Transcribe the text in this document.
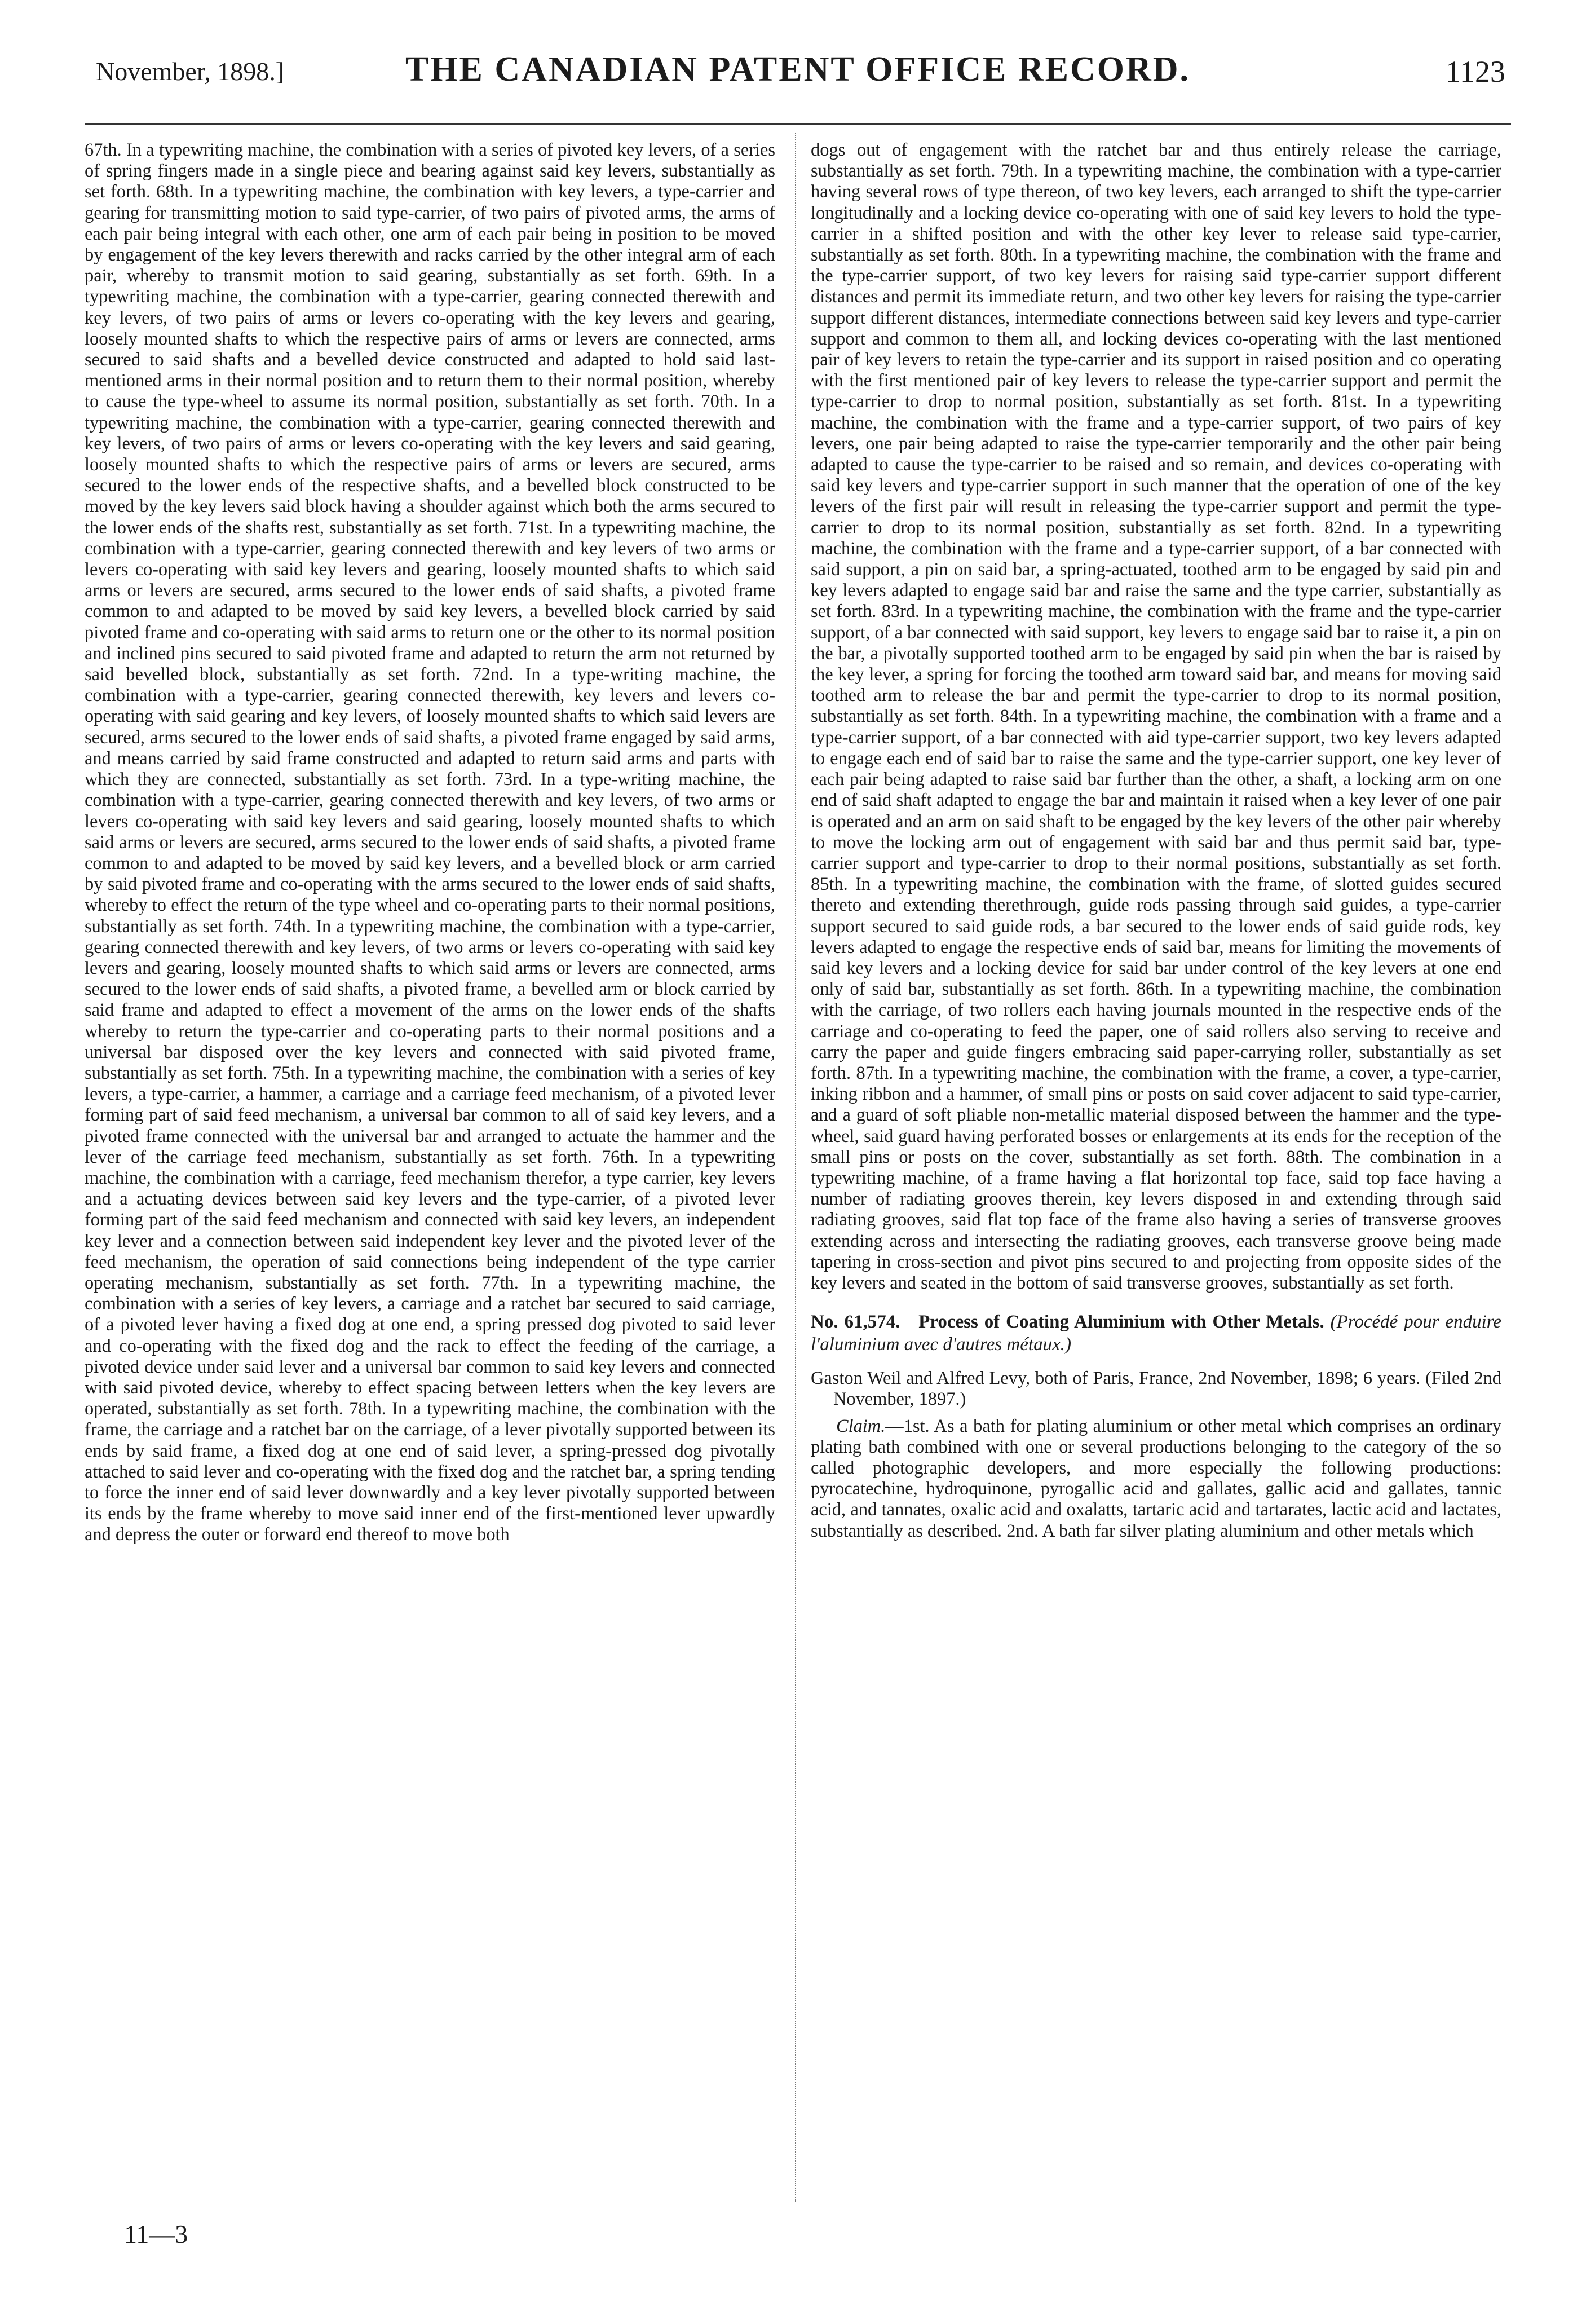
November, 1898.]	THE CANADIAN PATENT OFFICE RECORD.	1123

67th. In a typewriting machine, the combination with a series of pivoted key levers, of a series of spring fingers made in a single piece and bearing against said key levers, substantially as set forth. 68th. In a typewriting machine, the combination with key levers, a type-carrier and gearing for transmitting motion to said type-carrier, of two pairs of pivoted arms, the arms of each pair being integral with each other, one arm of each pair being in position to be moved by engagement of the key levers therewith and racks carried by the other integral arm of each pair, whereby to transmit motion to said gearing, substantially as set forth. 69th. In a typewriting machine, the combination with a type-carrier, gearing connected therewith and key levers, of two pairs of arms or levers co-operating with the key levers and gearing, loosely mounted shafts to which the respective pairs of arms or levers are connected, arms secured to said shafts and a bevelled device constructed and adapted to hold said last-mentioned arms in their normal position and to return them to their normal position, whereby to cause the type-wheel to assume its normal position, substantially as set forth. 70th. In a typewriting machine, the combination with a type-carrier, gearing connected therewith and key levers, of two pairs of arms or levers co-operating with the key levers and said gearing, loosely mounted shafts to which the respective pairs of arms or levers are secured, arms secured to the lower ends of the respective shafts, and a bevelled block constructed to be moved by the key levers said block having a shoulder against which both the arms secured to the lower ends of the shafts rest, substantially as set forth. 71st. In a typewriting machine, the combination with a type-carrier, gearing connected therewith and key levers of two arms or levers co-operating with said key levers and gearing, loosely mounted shafts to which said arms or levers are secured, arms secured to the lower ends of said shafts, a pivoted frame common to and adapted to be moved by said key levers, a bevelled block carried by said pivoted frame and co-operating with said arms to return one or the other to its normal position and inclined pins secured to said pivoted frame and adapted to return the arm not returned by said bevelled block, substantially as set forth. 72nd. In a type-writing machine, the combination with a type-carrier, gearing connected therewith, key levers and levers co-operating with said gearing and key levers, of loosely mounted shafts to which said levers are secured, arms secured to the lower ends of said shafts, a pivoted frame engaged by said arms, and means carried by said frame constructed and adapted to return said arms and parts with which they are connected, substantially as set forth. 73rd. In a type-writing machine, the combination with a type-carrier, gearing connected therewith and key levers, of two arms or levers co-operating with said key levers and said gearing, loosely mounted shafts to which said arms or levers are secured, arms secured to the lower ends of said shafts, a pivoted frame common to and adapted to be moved by said key levers, and a bevelled block or arm carried by said pivoted frame and co-operating with the arms secured to the lower ends of said shafts, whereby to effect the return of the type wheel and co-operating parts to their normal positions, substantially as set forth. 74th. In a typewriting machine, the combination with a type-carrier, gearing connected therewith and key levers, of two arms or levers co-operating with said key levers and gearing, loosely mounted shafts to which said arms or levers are connected, arms secured to the lower ends of said shafts, a pivoted frame, a bevelled arm or block carried by said frame and adapted to effect a movement of the arms on the lower ends of the shafts whereby to return the type-carrier and co-operating parts to their normal positions and a universal bar disposed over the key levers and connected with said pivoted frame, substantially as set forth. 75th. In a typewriting machine, the combination with a series of key levers, a type-carrier, a hammer, a carriage and a carriage feed mechanism, of a pivoted lever forming part of said feed mechanism, a universal bar common to all of said key levers, and a pivoted frame connected with the universal bar and arranged to actuate the hammer and the lever of the carriage feed mechanism, substantially as set forth. 76th. In a typewriting machine, the combination with a carriage, feed mechanism therefor, a type carrier, key levers and a actuating devices between said key levers and the type-carrier, of a pivoted lever forming part of the said feed mechanism and connected with said key levers, an independent key lever and a connection between said independent key lever and the pivoted lever of the feed mechanism, the operation of said connections being independent of the type carrier operating mechanism, substantially as set forth. 77th. In a typewriting machine, the combination with a series of key levers, a carriage and a ratchet bar secured to said carriage, of a pivoted lever having a fixed dog at one end, a spring pressed dog pivoted to said lever and co-operating with the fixed dog and the rack to effect the feeding of the carriage, a pivoted device under said lever and a universal bar common to said key levers and connected with said pivoted device, whereby to effect spacing between letters when the key levers are operated, substantially as set forth. 78th. In a typewriting machine, the combination with the frame, the carriage and a ratchet bar on the carriage, of a lever pivotally supported between its ends by said frame, a fixed dog at one end of said lever, a spring-pressed dog pivotally attached to said lever and co-operating with the fixed dog and the ratchet bar, a spring tending to force the inner end of said lever downwardly and a key lever pivotally supported between its ends by the frame whereby to move said inner end of the first-mentioned lever upwardly and depress the outer or forward end thereof to move both

dogs out of engagement with the ratchet bar and thus entirely release the carriage, substantially as set forth. 79th. In a typewriting machine, the combination with a type-carrier having several rows of type thereon, of two key levers, each arranged to shift the type-carrier longitudinally and a locking device co-operating with one of said key levers to hold the type-carrier in a shifted position and with the other key lever to release said type-carrier, substantially as set forth. 80th. In a typewriting machine, the combination with the frame and the type-carrier support, of two key levers for raising said type-carrier support different distances and permit its immediate return, and two other key levers for raising the type-carrier support different distances, intermediate connections between said key levers and type-carrier support and common to them all, and locking devices co-operating with the last mentioned pair of key levers to retain the type-carrier and its support in raised position and co operating with the first mentioned pair of key levers to release the type-carrier support and permit the type-carrier to drop to normal position, substantially as set forth. 81st. In a typewriting machine, the combination with the frame and a type-carrier support, of two pairs of key levers, one pair being adapted to raise the type-carrier temporarily and the other pair being adapted to cause the type-carrier to be raised and so remain, and devices co-operating with said key levers and type-carrier support in such manner that the operation of one of the key levers of the first pair will result in releasing the type-carrier support and permit the type-carrier to drop to its normal position, substantially as set forth. 82nd. In a typewriting machine, the combination with the frame and a type-carrier support, of a bar connected with said support, a pin on said bar, a spring-actuated, toothed arm to be engaged by said pin and key levers adapted to engage said bar and raise the same and the type carrier, substantially as set forth. 83rd. In a typewriting machine, the combination with the frame and the type-carrier support, of a bar connected with said support, key levers to engage said bar to raise it, a pin on the bar, a pivotally supported toothed arm to be engaged by said pin when the bar is raised by the key lever, a spring for forcing the toothed arm toward said bar, and means for moving said toothed arm to release the bar and permit the type-carrier to drop to its normal position, substantially as set forth. 84th. In a typewriting machine, the combination with a frame and a type-carrier support, of a bar connected with aid type-carrier support, two key levers adapted to engage each end of said bar to raise the same and the type-carrier support, one key lever of each pair being adapted to raise said bar further than the other, a shaft, a locking arm on one end of said shaft adapted to engage the bar and maintain it raised when a key lever of one pair is operated and an arm on said shaft to be engaged by the key levers of the other pair whereby to move the locking arm out of engagement with said bar and thus permit said bar, type-carrier support and type-carrier to drop to their normal positions, substantially as set forth. 85th. In a typewriting machine, the combination with the frame, of slotted guides secured thereto and extending therethrough, guide rods passing through said guides, a type-carrier support secured to said guide rods, a bar secured to the lower ends of said guide rods, key levers adapted to engage the respective ends of said bar, means for limiting the movements of said key levers and a locking device for said bar under control of the key levers at one end only of said bar, substantially as set forth. 86th. In a typewriting machine, the combination with the carriage, of two rollers each having journals mounted in the respective ends of the carriage and co-operating to feed the paper, one of said rollers also serving to receive and carry the paper and guide fingers embracing said paper-carrying roller, substantially as set forth. 87th. In a typewriting machine, the combination with the frame, a cover, a type-carrier, inking ribbon and a hammer, of small pins or posts on said cover adjacent to said type-carrier, and a guard of soft pliable non-metallic material disposed between the hammer and the type-wheel, said guard having perforated bosses or enlargements at its ends for the reception of the small pins or posts on the cover, substantially as set forth. 88th. The combination in a typewriting machine, of a frame having a flat horizontal top face, said top face having a number of radiating grooves therein, key levers disposed in and extending through said radiating grooves, said flat top face of the frame also having a series of transverse grooves extending across and intersecting the radiating grooves, each transverse groove being made tapering in cross-section and pivot pins secured to and projecting from opposite sides of the key levers and seated in the bottom of said transverse grooves, substantially as set forth.

No. 61,574. Process of Coating Aluminium with Other Metals. (Procédé pour enduire l'aluminium avec d'autres métaux.)

Gaston Weil and Alfred Levy, both of Paris, France, 2nd November, 1898; 6 years. (Filed 2nd November, 1897.)

Claim.—1st. As a bath for plating aluminium or other metal which comprises an ordinary plating bath combined with one or several productions belonging to the category of the so called photographic developers, and more especially the following productions: pyrocatechine, hydroquinone, pyrogallic acid and gallates, gallic acid and gallates, tannic acid, and tannates, oxalic acid and oxalatts, tartaric acid and tartarates, lactic acid and lactates, substantially as described. 2nd. A bath far silver plating aluminium and other metals which

11—3
